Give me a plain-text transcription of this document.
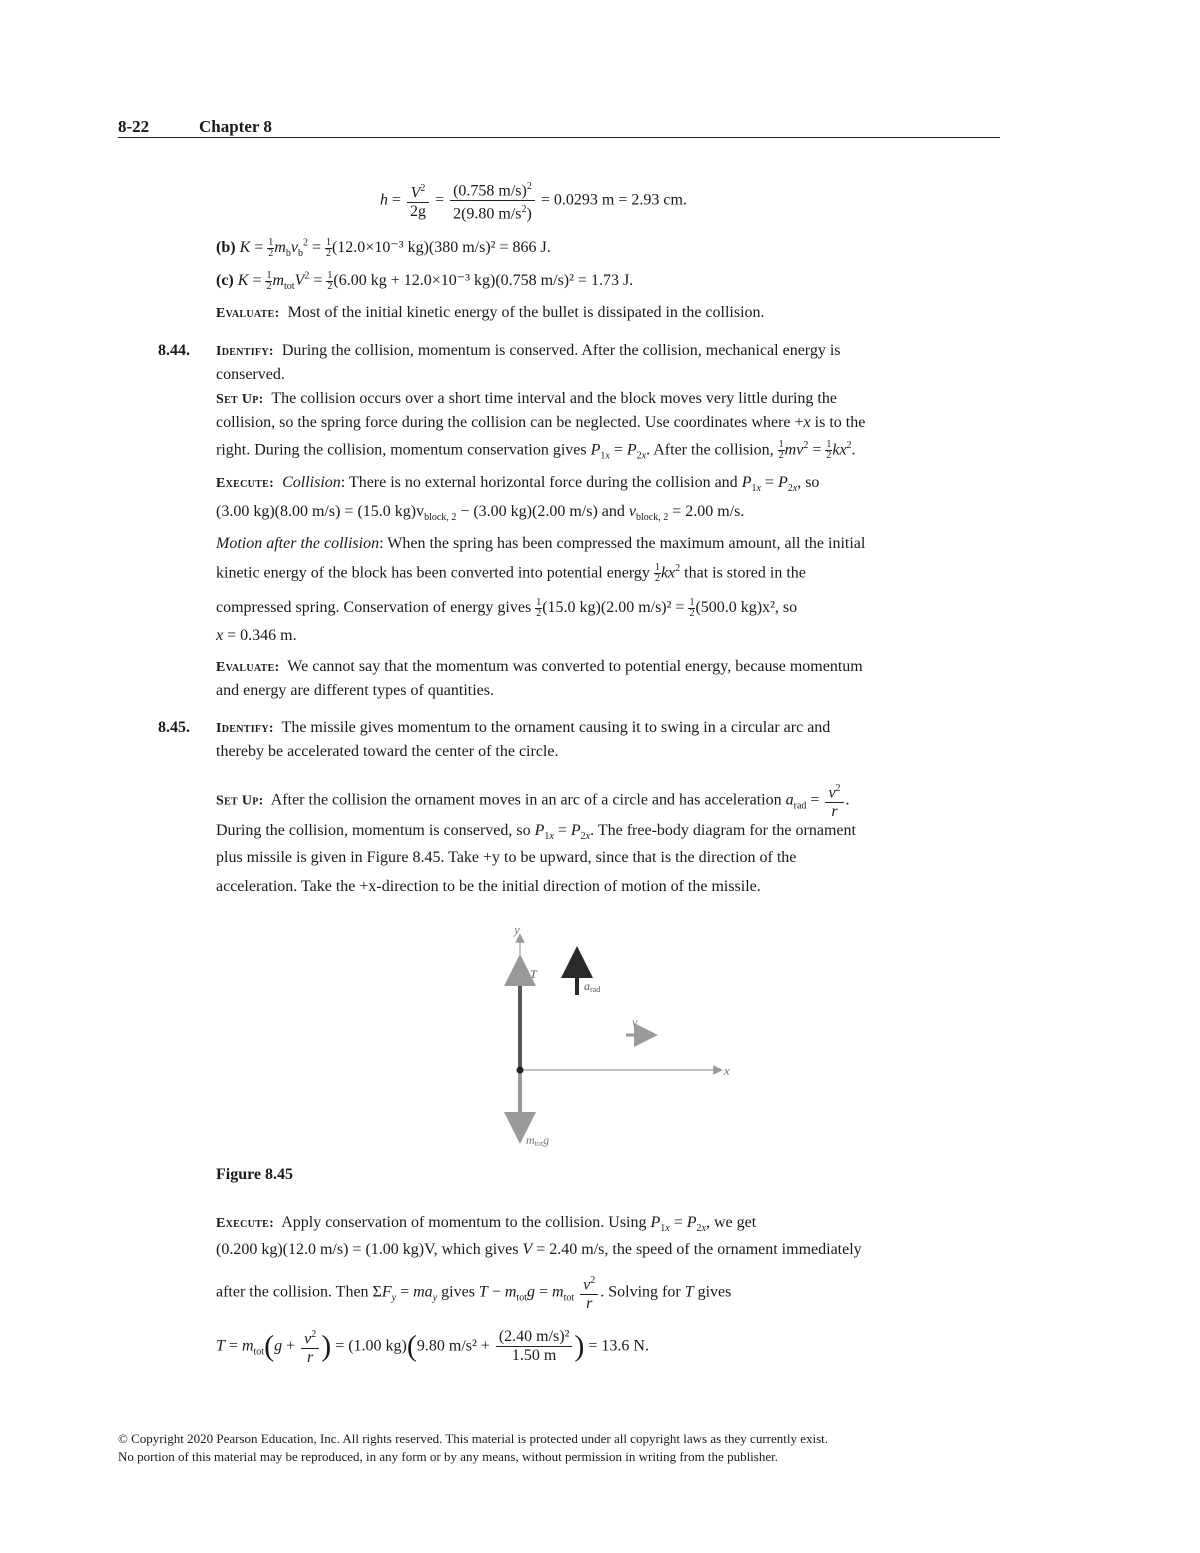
8-22	Chapter 8
$h = \frac{V^2}{2g} = \frac{(0.758 m/s)^2}{2(9.80 m/s^2)} = 0.0293$ m = 2.93 cm.
(b) $K = \frac{1}{2} m_bv_b^2 = \frac{1}{2} (12.0\times 10^{-3}$ kg)(380 m/s)² = 866 J.
(c) $K = \frac{1}{2} m_{tot}V^2 = \frac{1}{2} (6.00$ kg + 12.0×10⁻³ kg)(0.758 m/s)² = 1.73 J.
Evaluate: Most of the initial kinetic energy of the bullet is dissipated in the collision.
8.44. Identify: During the collision, momentum is conserved. After the collision, mechanical energy is
conserved.
Set Up: The collision occurs over a short time interval and the block moves very little during the
collision, so the spring force during the collision can be neglected. Use coordinates where +x is to the
right. During the collision, momentum conservation gives $P_{1x} = P_{2x}$. After the collision, $\frac{1}{2} mv^2 = \frac{1}{2} kx^2$.
Execute: Collision: There is no external horizontal force during the collision and $P_{1x} = P_{2x}$, so
(3.00 kg)(8.00 m/s) = (15.0 $kg)v_{block, 2} - (3.00$ kg)(2.00 m/s) and $v_{block, 2} = 2.00$ m/s.
Motion after the collision: When the spring has been compressed the maximum amount, all the initial
kinetic energy of the block has been converted into potential energy $\frac{1}{2} kx^2$ that is stored in the
compressed spring. Conservation of energy gives $\frac{1}{2} (15.0$ kg)(2.00 $m/s)^2 = \frac{1}{2} (500.0$ kg)x², so
x = 0.346 m.
Evaluate: We cannot say that the momentum was converted to potential energy, because momentum
and energy are different types of quantities.
8.45. Identify: The missile gives momentum to the ornament causing it to swing in a circular arc and
thereby be accelerated toward the center of the circle.
Set Up: After the collision the ornament moves in an arc of a circle and has acceleration $a_{rad} = \frac{v^2}{r}$ .
During the collision, momentum is conserved, so $P_{1x} = P_{2x}$. The free-body diagram for the ornament
plus missile is given in Figure 8.45. Take +y to be upward, since that is the direction of the
acceleration. Take the +x-direction to be the initial direction of motion of the missile.
y
x
T
arad
v
mtotg
Figure 8.45
Execute: Apply conservation of momentum to the collision. Using $P_{1x} = P_{2x}$, we get
(0.200 kg)(12.0 m/s) = (1.00 kg)V, which gives V = 2.40 m/s, the speed of the ornament immediately
after the collision. Then $\Sigma F_y = ma_y$ gives $T - m_{tot}g = m_{tot} \frac{v^2}{r}$ . Solving for T gives
$T = m_{tot}(g + \frac{v^2}{r}$ ) = (1.00 kg)(9.80 $m/s^2 + \frac{\text{(2.40 m/s)²}}{1.50 m}$ ) = 13.6 N.
© Copyright 2020 Pearson Education, Inc. All rights reserved. This material is protected under all copyright laws as they currently exist.
No portion of this material may be reproduced, in any form or by any means, without permission in writing from the publisher.
